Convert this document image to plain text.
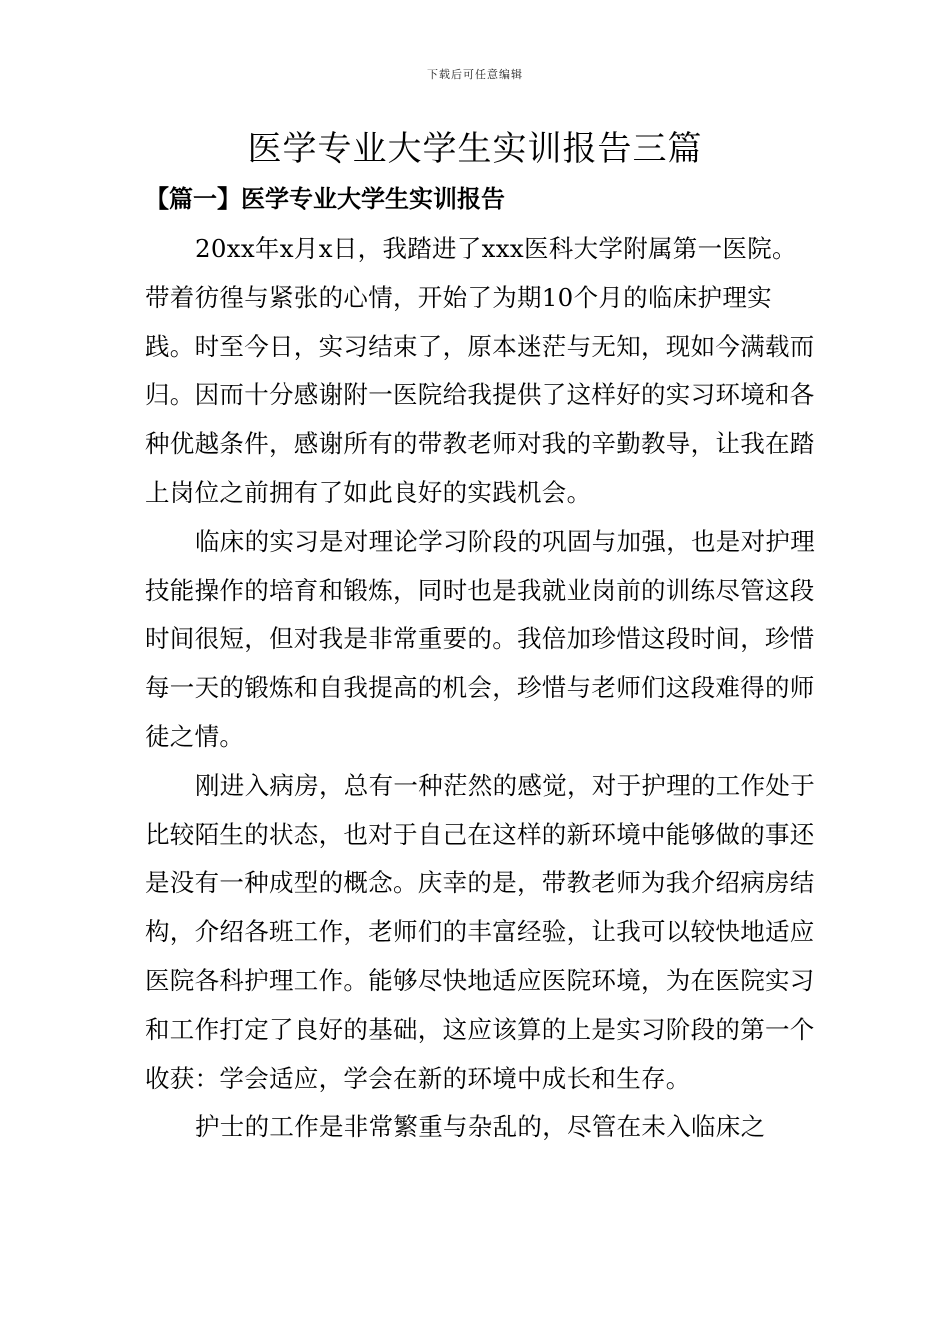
下载后可任意编辑
医学专业大学生实训报告三篇
【篇一】医学专业大学生实训报告

20xx年x月x日，我踏进了xxx医科大学附属第一医院。带着彷徨与紧张的心情，开始了为期10个月的临床护理实践。时至今日，实习结束了，原本迷茫与无知，现如今满载而归。因而十分感谢附一医院给我提供了这样好的实习环境和各种优越条件，感谢所有的带教老师对我的辛勤教导，让我在踏上岗位之前拥有了如此良好的实践机会。

临床的实习是对理论学习阶段的巩固与加强，也是对护理技能操作的培育和锻炼，同时也是我就业岗前的训练尽管这段时间很短，但对我是非常重要的。我倍加珍惜这段时间，珍惜每一天的锻炼和自我提高的机会，珍惜与老师们这段难得的师徒之情。

刚进入病房，总有一种茫然的感觉，对于护理的工作处于比较陌生的状态，也对于自己在这样的新环境中能够做的事还是没有一种成型的概念。庆幸的是，带教老师为我介绍病房结构，介绍各班工作，老师们的丰富经验，让我可以较快地适应医院各科护理工作。能够尽快地适应医院环境，为在医院实习和工作打定了良好的基础，这应该算的上是实习阶段的第一个收获：学会适应，学会在新的环境中成长和生存。

护士的工作是非常繁重与杂乱的，尽管在未入临床之
